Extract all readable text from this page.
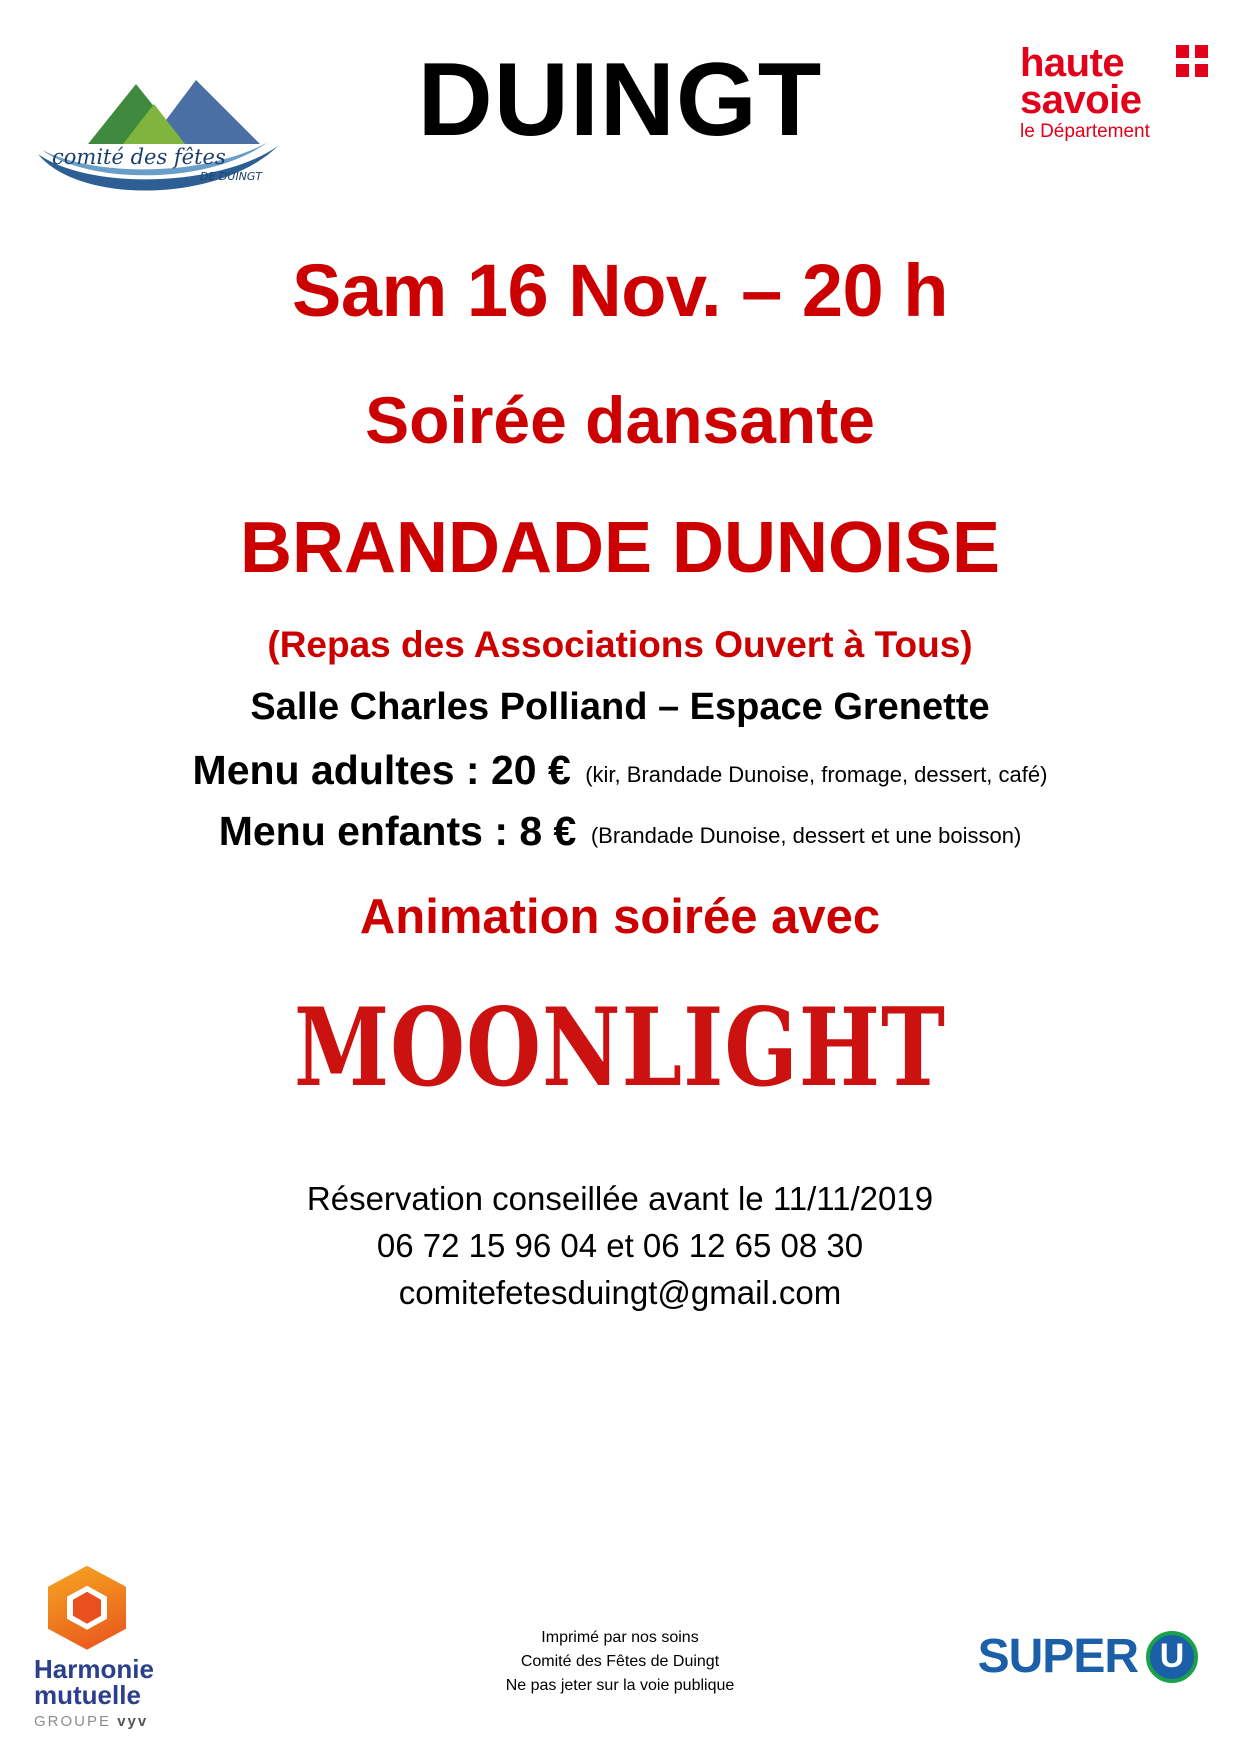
comité des fêtes
DE DUINGT
DUINGT	haute
savoie
le Département
Sam 16 Nov. – 20 h
Soirée dansante
BRANDADE DUNOISE
(Repas des Associations Ouvert à Tous)
Salle Charles Polliand – Espace Grenette
Menu adultes : 20 € (kir, Brandade Dunoise, fromage, dessert, café)
Menu enfants : 8 € (Brandade Dunoise, dessert et une boisson)
Animation soirée avec
MOONLIGHT
Réservation conseillée avant le 11/11/2019
06 72 15 96 04 et 06 12 65 08 30
comitefetesduingt@gmail.com
Harmonie
mutuelle
GROUPE vyv
Imprimé par nos soins
Comité des Fêtes de Duingt
Ne pas jeter sur la voie publique
SUPER U
